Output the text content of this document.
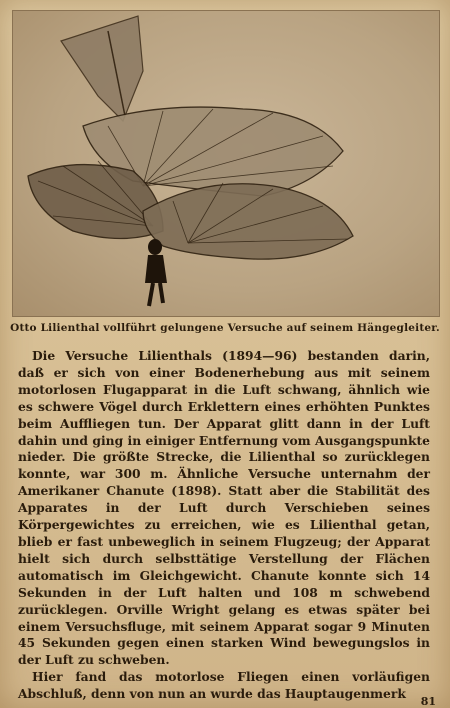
Otto Lilienthal vollführt gelungene Versuche auf seinem Hängegleiter.

Die Versuche Lilienthals (1894—96) bestanden darin, daß er sich von einer Bodenerhebung aus mit seinem motorlosen Flugapparat in die Luft schwang, ähnlich wie es schwere Vögel durch Erklettern eines erhöhten Punktes beim Auffliegen tun. Der Apparat glitt dann in der Luft dahin und ging in einiger Entfernung vom Ausgangspunkte nieder. Die größte Strecke, die Lilienthal so zurücklegen konnte, war 300 m. Ähnliche Versuche unternahm der Amerikaner Chanute (1898). Statt aber die Stabilität des Apparates in der Luft durch Verschieben seines Körpergewichtes zu erreichen, wie es Lilienthal getan, blieb er fast unbeweglich in seinem Flugzeug; der Apparat hielt sich durch selbsttätige Verstellung der Flächen automatisch im Gleichgewicht. Chanute konnte sich 14 Sekunden in der Luft halten und 108 m schwebend zurücklegen. Orville Wright gelang es etwas später bei einem Versuchsfluge, mit seinem Apparat sogar 9 Minuten 45 Sekunden gegen einen starken Wind bewegungslos in der Luft zu schweben.

Hier fand das motorlose Fliegen einen vorläufigen Abschluß, denn von nun an wurde das Hauptaugenmerk

81
